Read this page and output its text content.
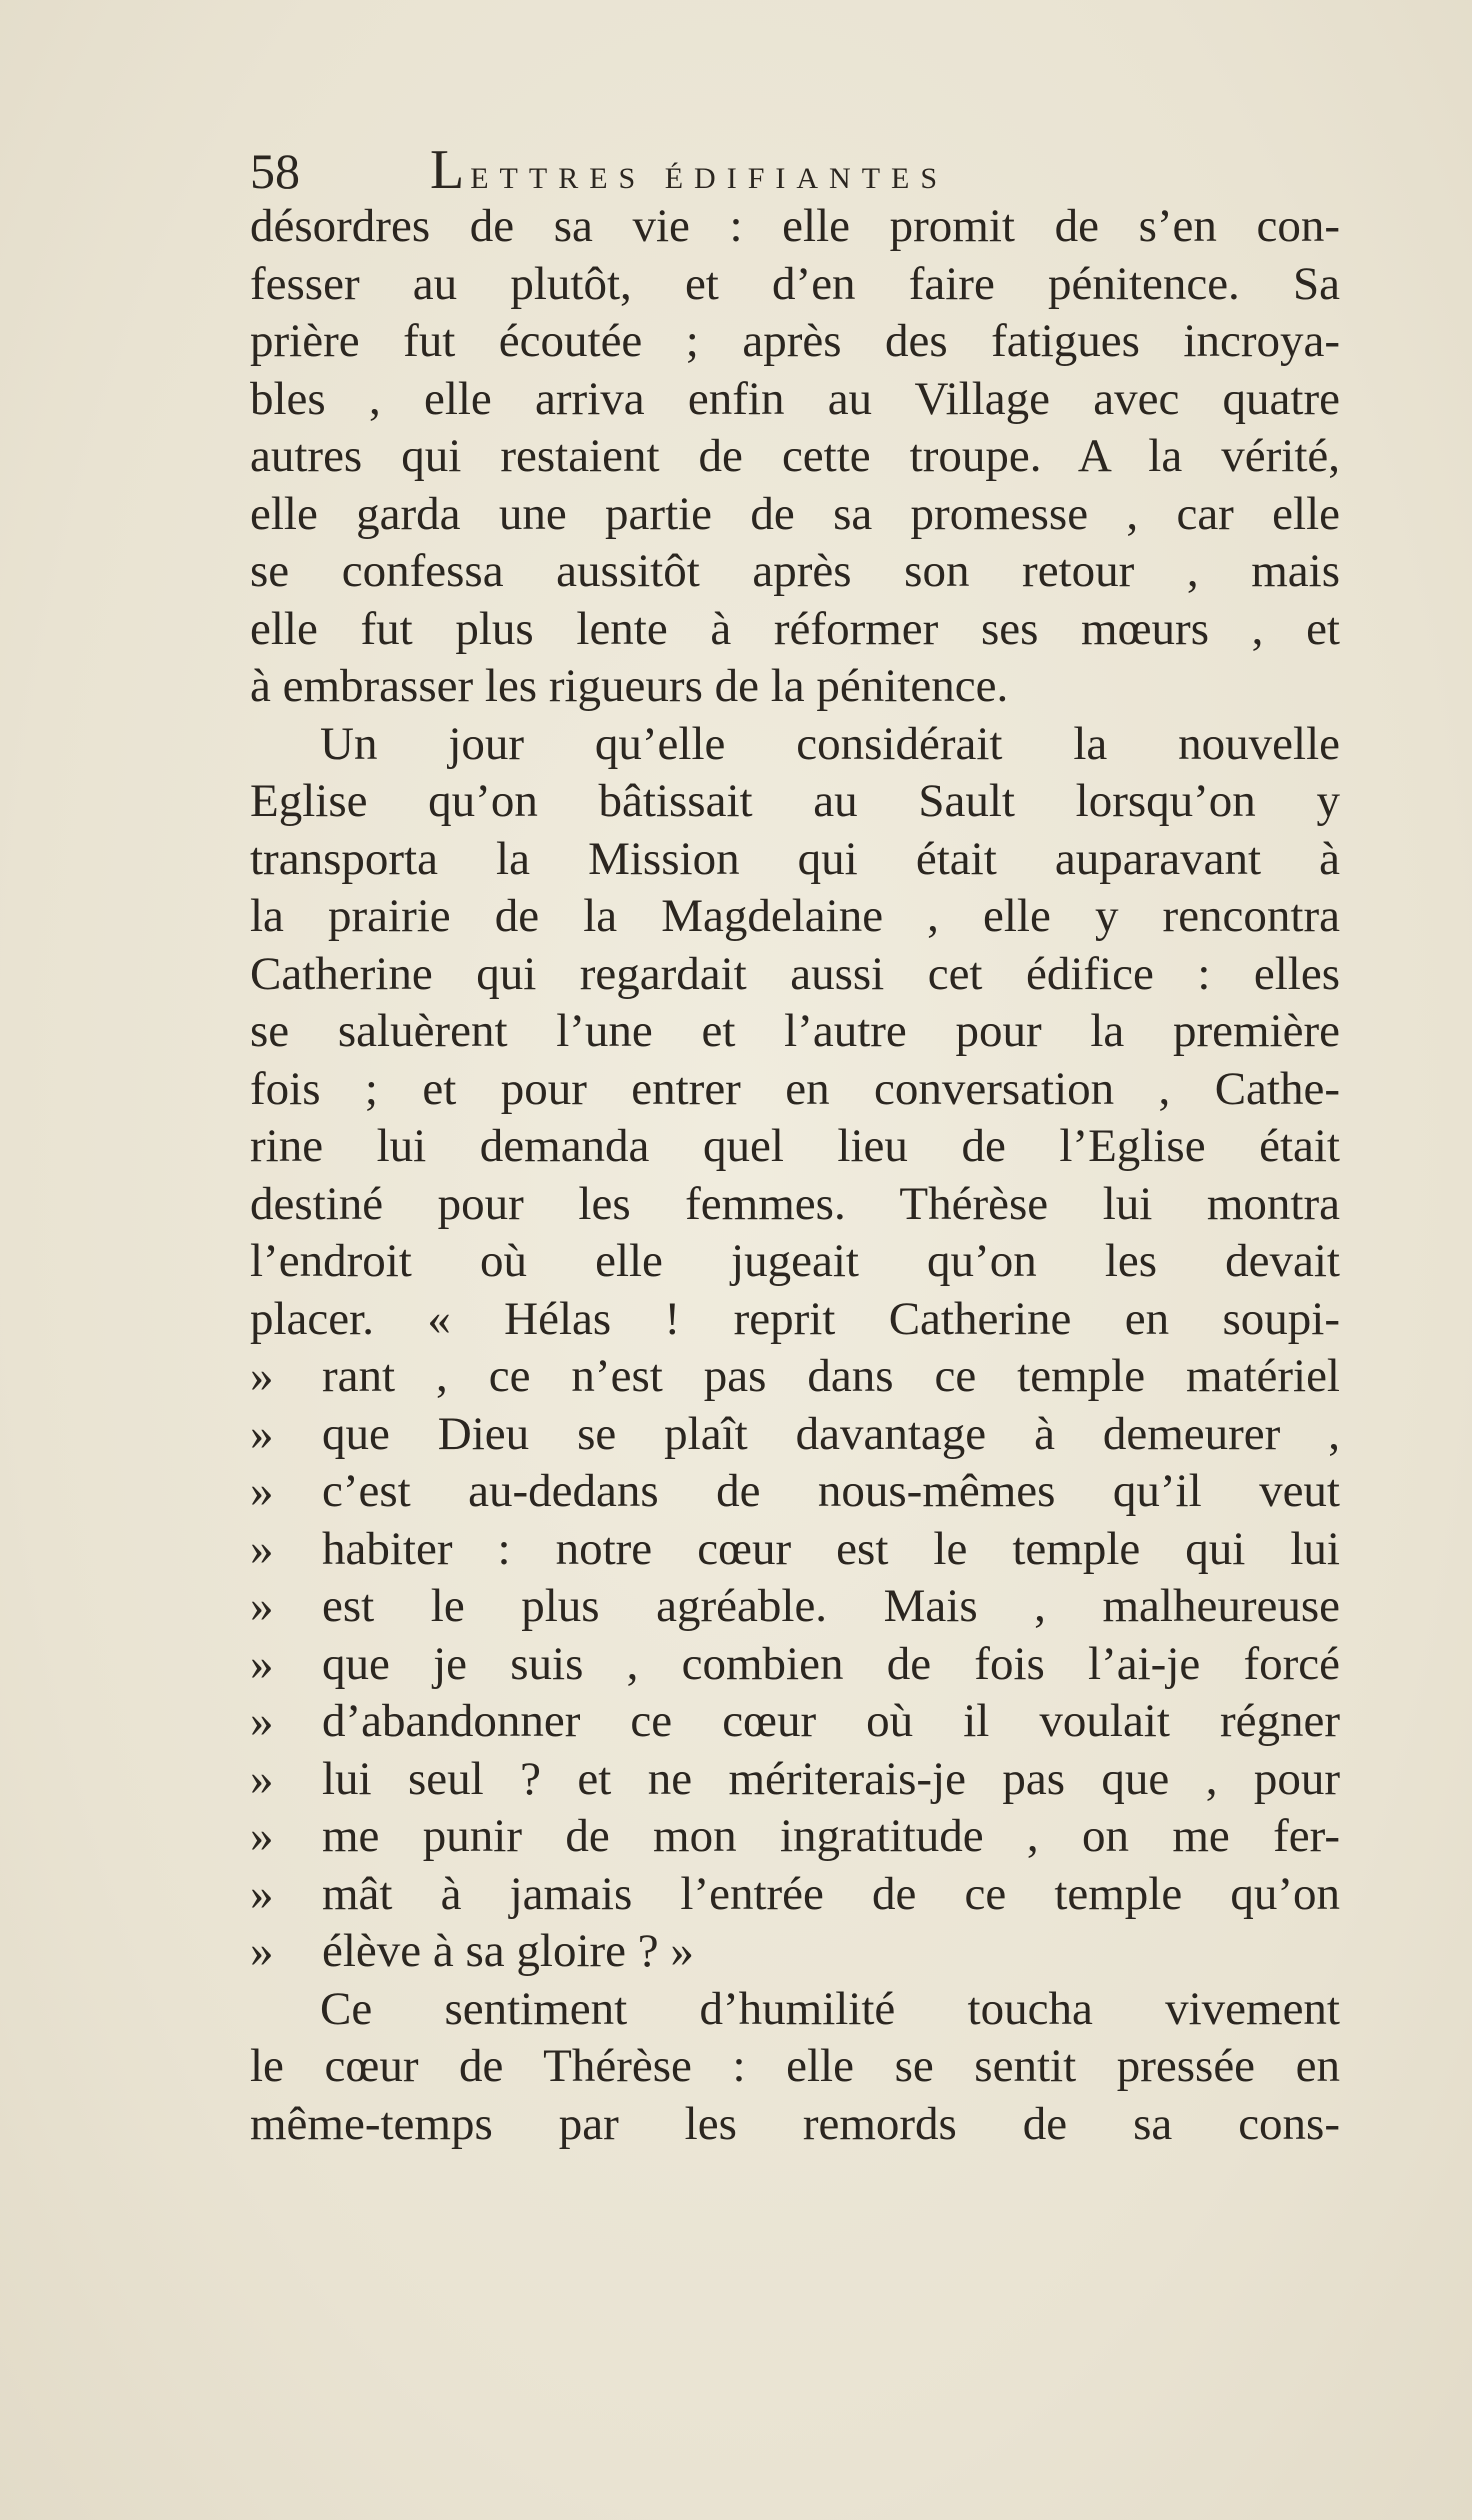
58	LETTRES ÉDIFIANTES
désordres de sa vie : elle promit de s’en con-
fesser au plutôt, et d’en faire pénitence. Sa
prière fut écoutée ; après des fatigues incroya-
bles , elle arriva enfin au Village avec quatre
autres qui restaient de cette troupe. A la vérité,
elle garda une partie de sa promesse , car elle
se confessa aussitôt après son retour , mais
elle fut plus lente à réformer ses mœurs , et
à embrasser les rigueurs de la pénitence.
Un jour qu’elle considérait la nouvelle
Eglise qu’on bâtissait au Sault lorsqu’on y
transporta la Mission qui était auparavant à
la prairie de la Magdelaine , elle y rencontra
Catherine qui regardait aussi cet édifice : elles
se saluèrent l’une et l’autre pour la première
fois ; et pour entrer en conversation , Cathe-
rine lui demanda quel lieu de l’Eglise était
destiné pour les femmes. Thérèse lui montra
l’endroit où elle jugeait qu’on les devait
placer. « Hélas ! reprit Catherine en soupi-
» rant , ce n’est pas dans ce temple matériel
» que Dieu se plaît davantage à demeurer ,
» c’est au-dedans de nous-mêmes qu’il veut
» habiter : notre cœur est le temple qui lui
» est le plus agréable. Mais , malheureuse
» que je suis , combien de fois l’ai-je forcé
» d’abandonner ce cœur où il voulait régner
» lui seul ? et ne mériterais-je pas que , pour
» me punir de mon ingratitude , on me fer-
» mât à jamais l’entrée de ce temple qu’on
» élève à sa gloire ? »
Ce sentiment d’humilité toucha vivement
le cœur de Thérèse : elle se sentit pressée en
même-temps par les remords de sa cons-
